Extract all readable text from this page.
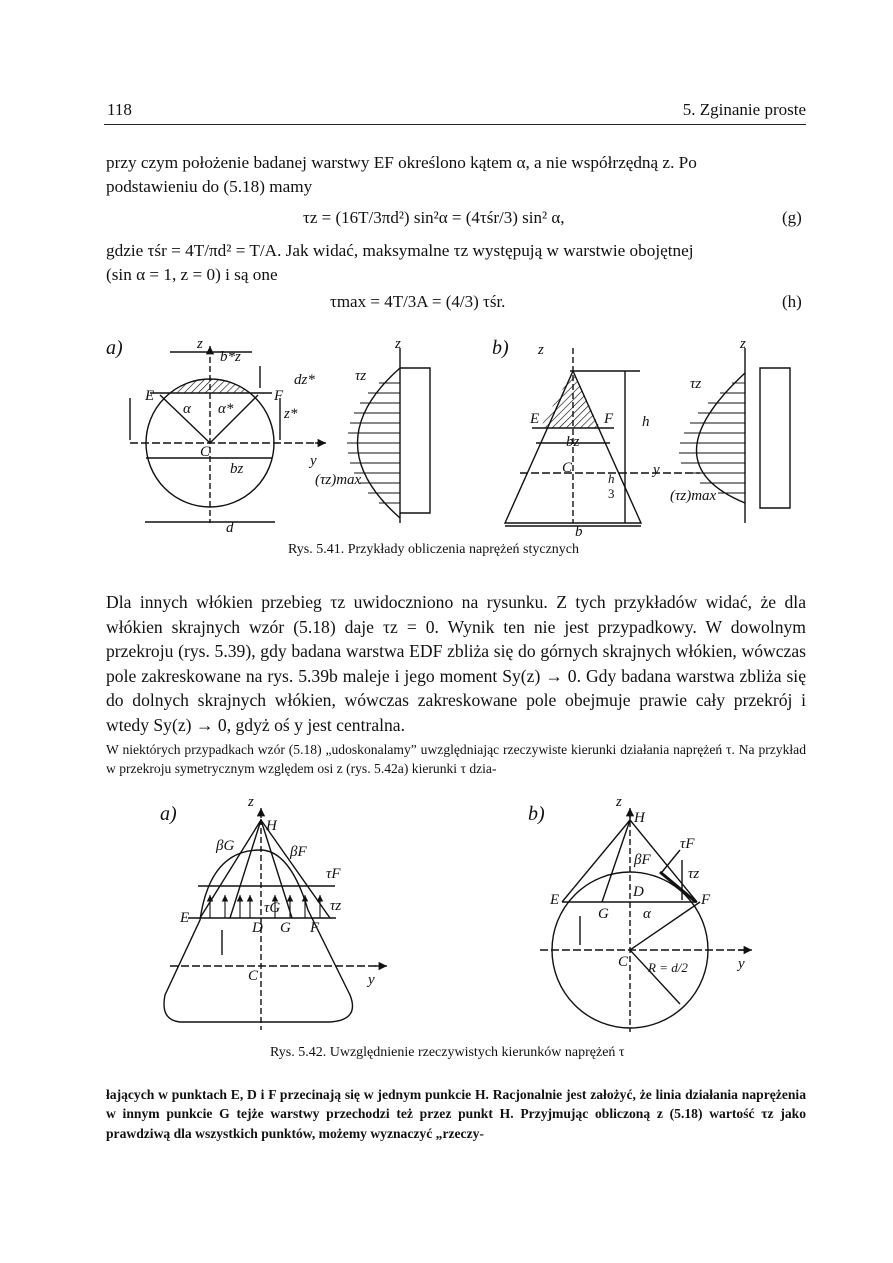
118	5. Zginanie proste
przy czym położenie badanej warstwy EF określono kątem α, a nie współrzędną z. Po
podstawieniu do (5.18) mamy
τz = (16T/3πd²) sin²α = (4τśr/3) sin² α,	(g)
gdzie τśr = 4T/πd² = T/A. Jak widać, maksymalne τz występują w warstwie obojętnej
(sin α = 1, z = 0) i są one
τmax = 4T/3A = (4/3) τśr.	(h)
a)	b)
z
E	F
C
α α*
b*z
dz*
z*
bz	y
d
τz
(τz)max
z	z
E	F
C
h
h
3
bz
y
b
τz
(τz)max
z
Rys. 5.41. Przykłady obliczenia naprężeń stycznych
Dla innych włókien przebieg τz uwidoczniono na rysunku. Z tych przykładów widać, że dla włókien skrajnych wzór (5.18) daje τz = 0. Wynik ten nie jest przypadkowy. W dowolnym przekroju (rys. 5.39), gdy badana warstwa EDF zbliża się do górnych skrajnych włókien, wówczas pole zakreskowane na rys. 5.39b maleje i jego moment Sy(z) → 0. Gdy badana warstwa zbliża się do dolnych skrajnych włókien, wówczas zakreskowane pole obejmuje prawie cały przekrój i wtedy Sy(z) → 0, gdyż oś y jest centralna.
W niektórych przypadkach wzór (5.18) „udoskonalamy” uwzględniając rzeczywiste kierunki działania naprężeń τ. Na przykład w przekroju symetrycznym względem osi z (rys. 5.42a) kierunki τ dzia-
a)	b)
z
H
βG	βF
τF
τG	τz
E
D G F
C	y
z
H
βF
τF
τz
E	D
G
F
α
C R = d/2	y
Rys. 5.42. Uwzględnienie rzeczywistych kierunków naprężeń τ
łających w punktach E, D i F przecinają się w jednym punkcie H. Racjonalnie jest założyć, że linia działania naprężenia w innym punkcie G tejże warstwy przechodzi też przez punkt H. Przyjmując obliczoną z (5.18) wartość τz jako prawdziwą dla wszystkich punktów, możemy wyznaczyć „rzeczy-
